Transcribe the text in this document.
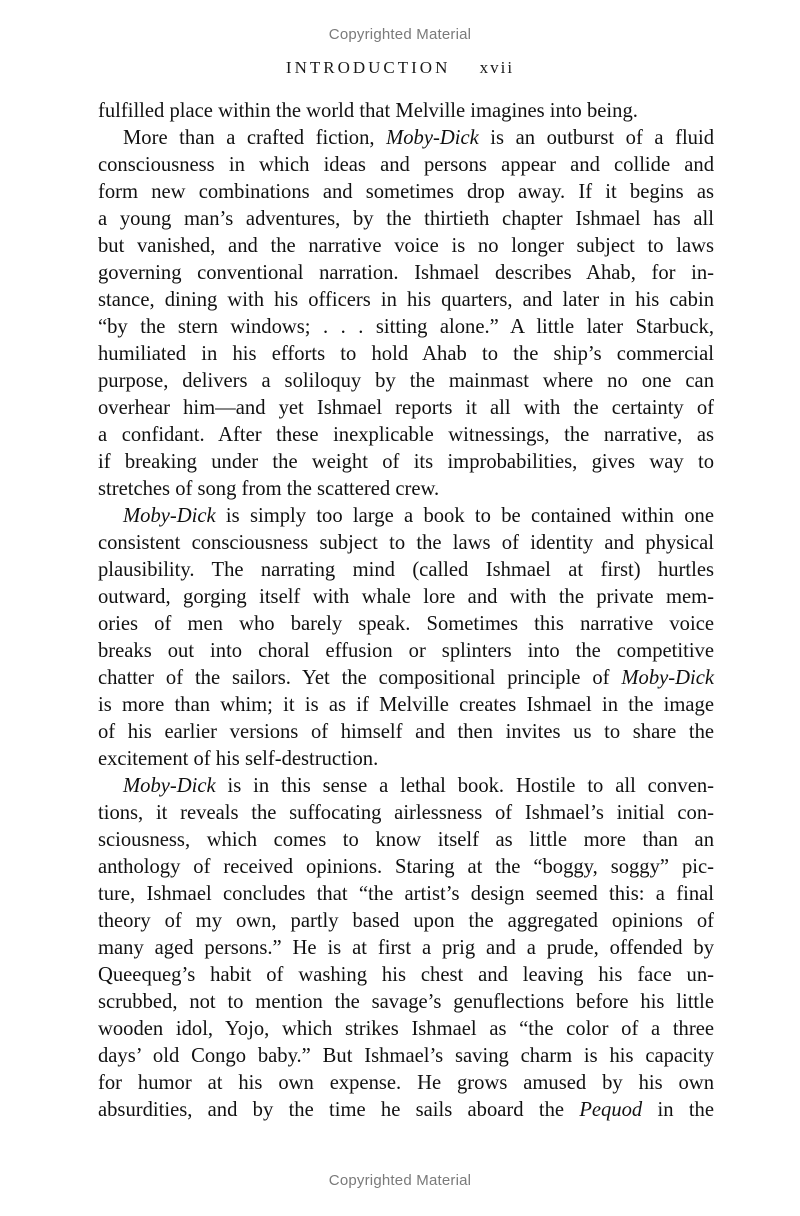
Copyrighted Material
INTRODUCTION xvii
fulfilled place within the world that Melville imagines into being.
More than a crafted fiction, Moby-Dick is an outburst of a fluid
consciousness in which ideas and persons appear and collide and
form new combinations and sometimes drop away. If it begins as
a young man’s adventures, by the thirtieth chapter Ishmael has all
but vanished, and the narrative voice is no longer subject to laws
governing conventional narration. Ishmael describes Ahab, for in-
stance, dining with his officers in his quarters, and later in his cabin
“by the stern windows; . . . sitting alone.” A little later Starbuck,
humiliated in his efforts to hold Ahab to the ship’s commercial
purpose, delivers a soliloquy by the mainmast where no one can
overhear him—and yet Ishmael reports it all with the certainty of
a confidant. After these inexplicable witnessings, the narrative, as
if breaking under the weight of its improbabilities, gives way to
stretches of song from the scattered crew.
Moby-Dick is simply too large a book to be contained within one
consistent consciousness subject to the laws of identity and physical
plausibility. The narrating mind (called Ishmael at first) hurtles
outward, gorging itself with whale lore and with the private mem-
ories of men who barely speak. Sometimes this narrative voice
breaks out into choral effusion or splinters into the competitive
chatter of the sailors. Yet the compositional principle of Moby-Dick
is more than whim; it is as if Melville creates Ishmael in the image
of his earlier versions of himself and then invites us to share the
excitement of his self-destruction.
Moby-Dick is in this sense a lethal book. Hostile to all conven-
tions, it reveals the suffocating airlessness of Ishmael’s initial con-
sciousness, which comes to know itself as little more than an
anthology of received opinions. Staring at the “boggy, soggy” pic-
ture, Ishmael concludes that “the artist’s design seemed this: a final
theory of my own, partly based upon the aggregated opinions of
many aged persons.” He is at first a prig and a prude, offended by
Queequeg’s habit of washing his chest and leaving his face un-
scrubbed, not to mention the savage’s genuflections before his little
wooden idol, Yojo, which strikes Ishmael as “the color of a three
days’ old Congo baby.” But Ishmael’s saving charm is his capacity
for humor at his own expense. He grows amused by his own
absurdities, and by the time he sails aboard the Pequod in the
Copyrighted Material
